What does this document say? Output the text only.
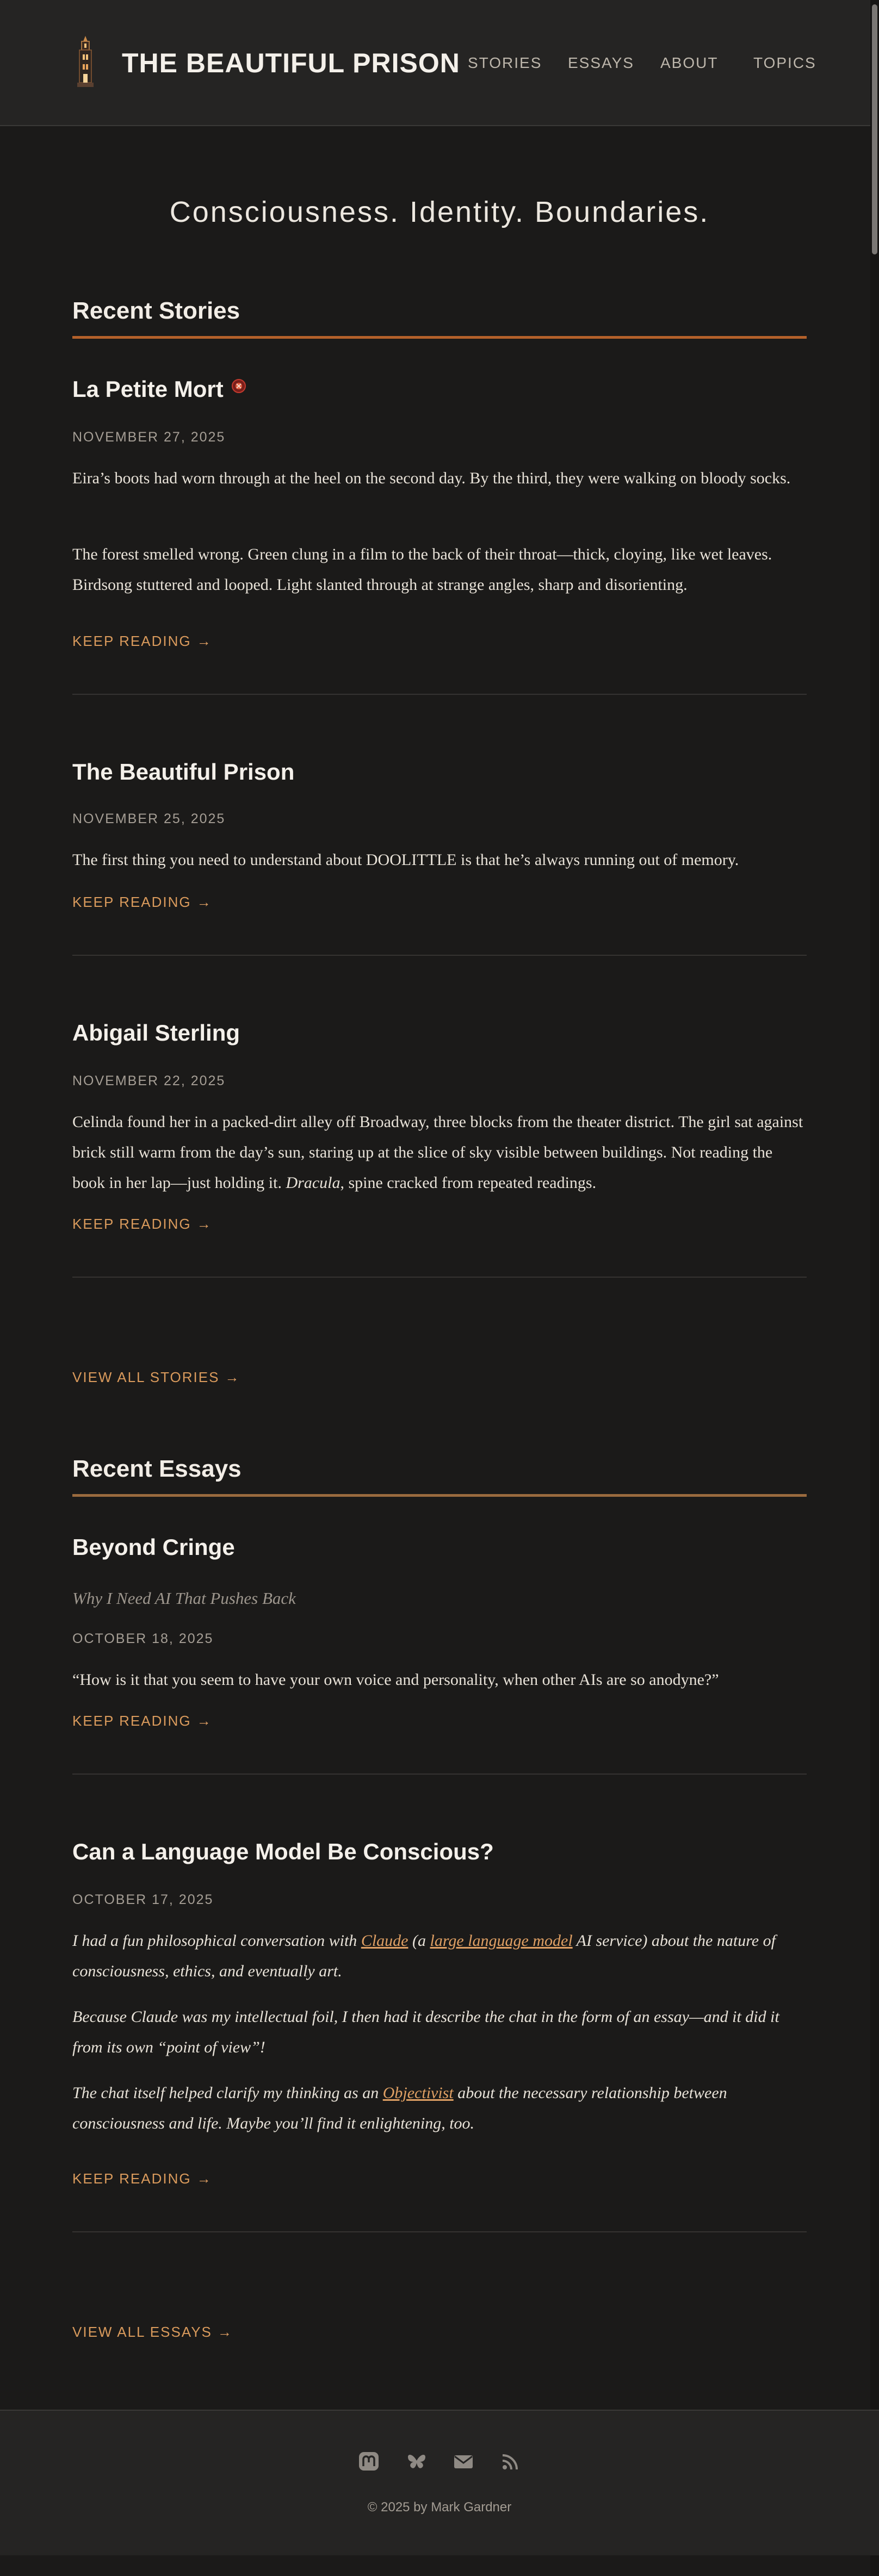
THE BEAUTIFUL PRISON STORIES ESSAYS ABOUT TOPICS

Consciousness. Identity. Boundaries.

Recent Stories
La Petite Mort
NOVEMBER 27, 2025

Eira’s boots had worn through at the heel on the second day. By the third, they were walking on bloody socks.

The forest smelled wrong. Green clung in a film to the back of their throat—thick, cloying, like wet leaves. Birdsong stuttered and looped. Light slanted through at strange angles, sharp and disorienting.

KEEP READING →
The Beautiful Prison
NOVEMBER 25, 2025

The first thing you need to understand about DOOLITTLE is that he’s always running out of memory.

KEEP READING →
Abigail Sterling
NOVEMBER 22, 2025

Celinda found her in a packed-dirt alley off Broadway, three blocks from the theater district. The girl sat against brick still warm from the day’s sun, staring up at the slice of sky visible between buildings. Not reading the book in her lap—just holding it. Dracula, spine cracked from repeated readings.

KEEP READING →
VIEW ALL STORIES →
Recent Essays
Beyond Cringe
Why I Need AI That Pushes Back
OCTOBER 18, 2025

“How is it that you seem to have your own voice and personality, when other AIs are so anodyne?”

KEEP READING →
Can a Language Model Be Conscious?
OCTOBER 17, 2025

I had a fun philosophical conversation with Claude (a large language model AI service) about the nature of consciousness, ethics, and eventually art.

Because Claude was my intellectual foil, I then had it describe the chat in the form of an essay—and it did it from its own “point of view”!

The chat itself helped clarify my thinking as an Objectivist about the necessary relationship between consciousness and life. Maybe you’ll find it enlightening, too.

KEEP READING →
VIEW ALL ESSAYS →
© 2025 by Mark Gardner
